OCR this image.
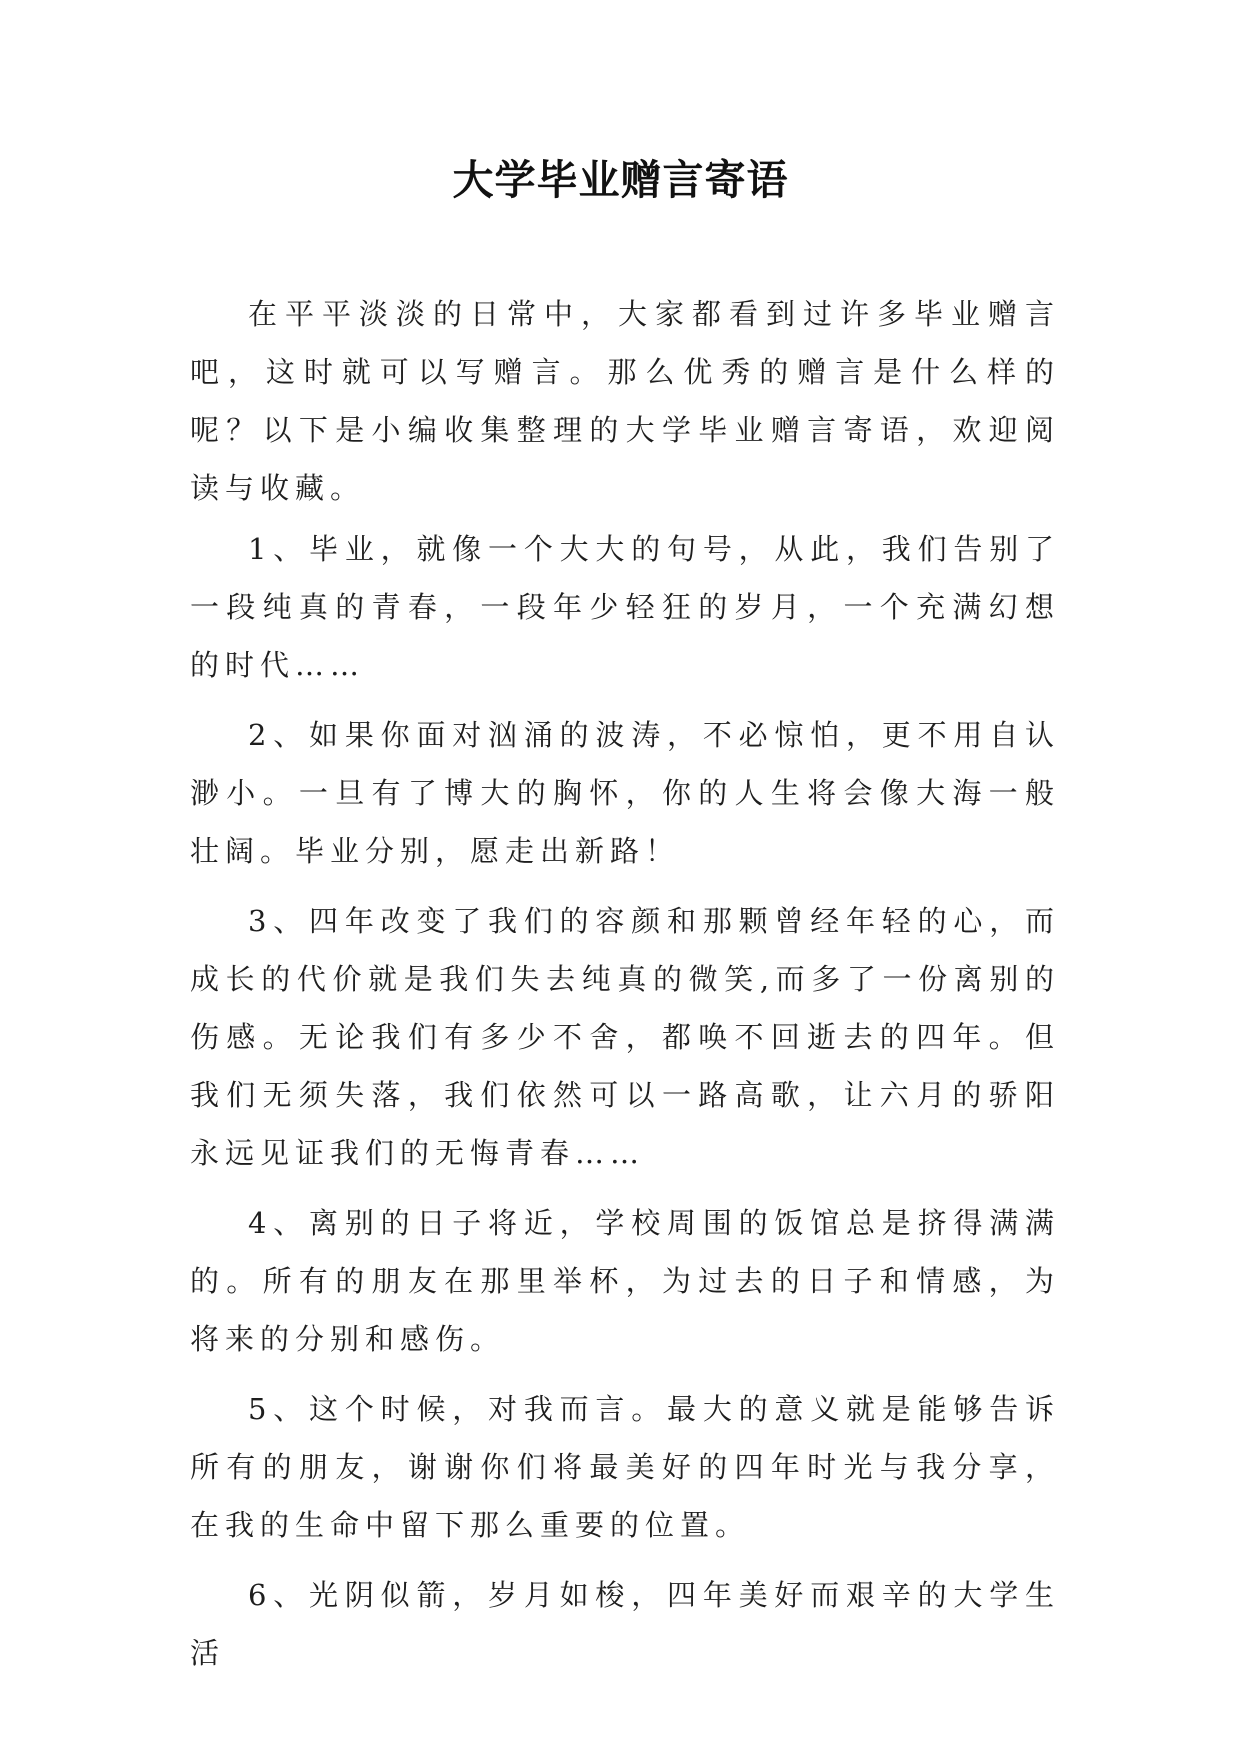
大学毕业赠言寄语

在平平淡淡的日常中，大家都看到过许多毕业赠言吧，这时就可以写赠言。那么优秀的赠言是什么样的呢？以下是小编收集整理的大学毕业赠言寄语，欢迎阅读与收藏。

1、毕业，就像一个大大的句号，从此，我们告别了一段纯真的青春，一段年少轻狂的岁月，一个充满幻想的时代……

2、如果你面对汹涌的波涛，不必惊怕，更不用自认渺小。一旦有了博大的胸怀，你的人生将会像大海一般壮阔。毕业分别，愿走出新路！

3、四年改变了我们的容颜和那颗曾经年轻的心，而成长的代价就是我们失去纯真的微笑,而多了一份离别的伤感。无论我们有多少不舍，都唤不回逝去的四年。但我们无须失落，我们依然可以一路高歌，让六月的骄阳永远见证我们的无悔青春……

4、离别的日子将近，学校周围的饭馆总是挤得满满的。所有的朋友在那里举杯，为过去的日子和情感，为将来的分别和感伤。

5、这个时候，对我而言。最大的意义就是能够告诉所有的朋友，谢谢你们将最美好的四年时光与我分享，在我的生命中留下那么重要的位置。

6、光阴似箭，岁月如梭，四年美好而艰辛的大学生活
